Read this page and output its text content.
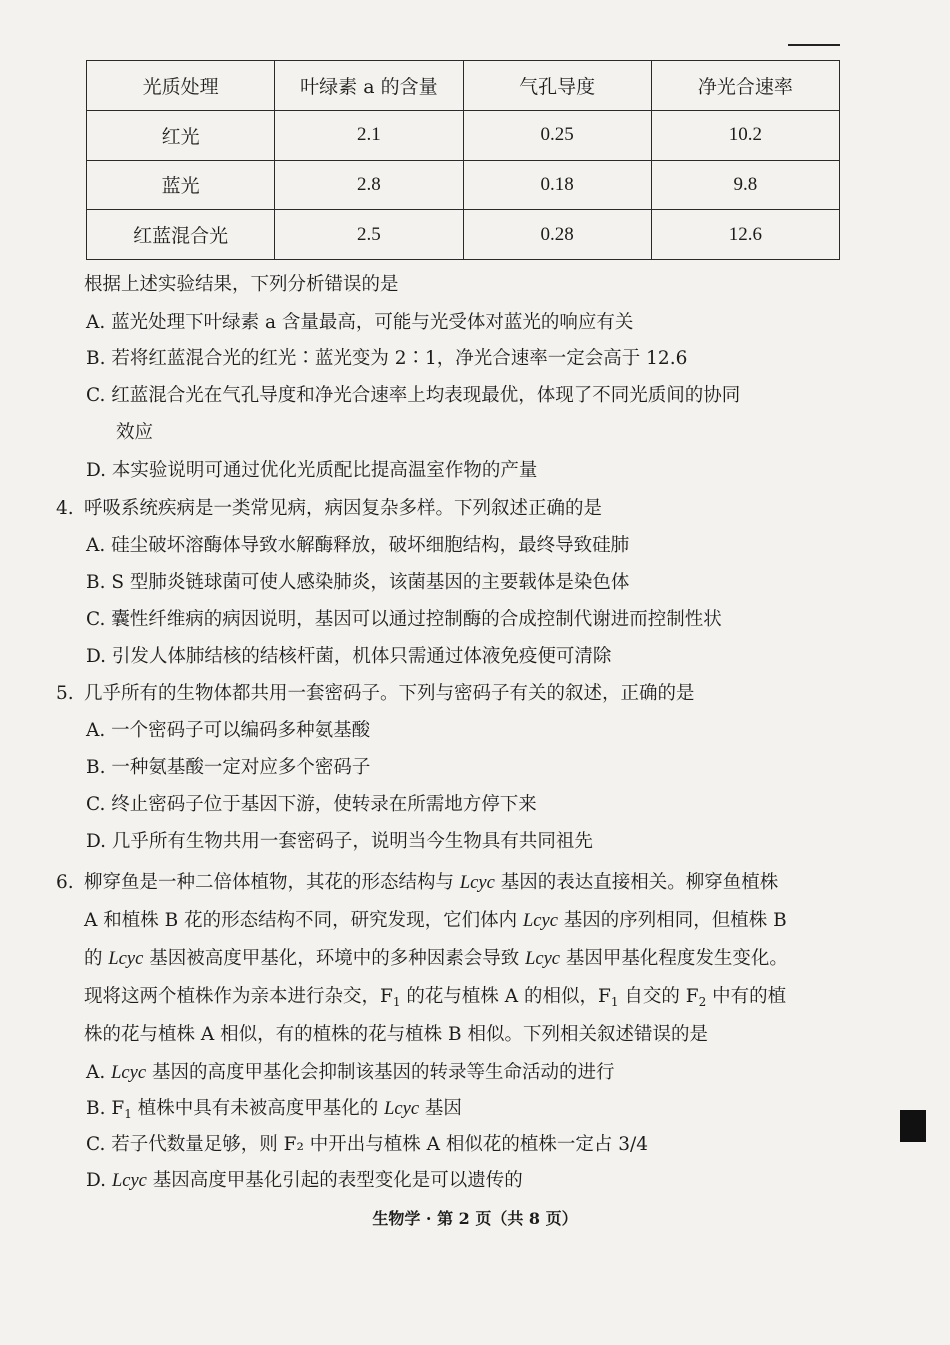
光质处理	叶绿素 a 的含量	气孔导度	净光合速率
红光	2.1	0.25	10.2
蓝光	2.8	0.18	9.8
红蓝混合光	2.5	0.28	12.6
根据上述实验结果，下列分析错误的是
A. 蓝光处理下叶绿素 a 含量最高，可能与光受体对蓝光的响应有关
B. 若将红蓝混合光的红光∶蓝光变为 2∶1，净光合速率一定会高于 12.6
C. 红蓝混合光在气孔导度和净光合速率上均表现最优，体现了不同光质间的协同
效应
D. 本实验说明可通过优化光质配比提高温室作物的产量
4. 呼吸系统疾病是一类常见病，病因复杂多样。下列叙述正确的是
A. 硅尘破坏溶酶体导致水解酶释放，破坏细胞结构，最终导致硅肺
B. S 型肺炎链球菌可使人感染肺炎，该菌基因的主要载体是染色体
C. 囊性纤维病的病因说明，基因可以通过控制酶的合成控制代谢进而控制性状
D. 引发人体肺结核的结核杆菌，机体只需通过体液免疫便可清除
5. 几乎所有的生物体都共用一套密码子。下列与密码子有关的叙述，正确的是
A. 一个密码子可以编码多种氨基酸
B. 一种氨基酸一定对应多个密码子
C. 终止密码子位于基因下游，使转录在所需地方停下来
D. 几乎所有生物共用一套密码子，说明当今生物具有共同祖先
6. 柳穿鱼是一种二倍体植物，其花的形态结构与 Lcyc 基因的表达直接相关。柳穿鱼植株
A 和植株 B 花的形态结构不同，研究发现，它们体内 Lcyc 基因的序列相同，但植株 B
的 Lcyc 基因被高度甲基化，环境中的多种因素会导致 Lcyc 基因甲基化程度发生变化。
现将这两个植株作为亲本进行杂交，$F_1$ 的花与植株 A 的相似，$F_1$ 自交的 $F_2$ 中有的植
株的花与植株 A 相似，有的植株的花与植株 B 相似。下列相关叙述错误的是
A. Lcyc 基因的高度甲基化会抑制该基因的转录等生命活动的进行
B. $F_1$ 植株中具有未被高度甲基化的 Lcyc 基因
C. 若子代数量足够，则 F₂ 中开出与植株 A 相似花的植株一定占 3/4
D. Lcyc 基因高度甲基化引起的表型变化是可以遗传的
生物学 · 第 2 页（共 8 页）
